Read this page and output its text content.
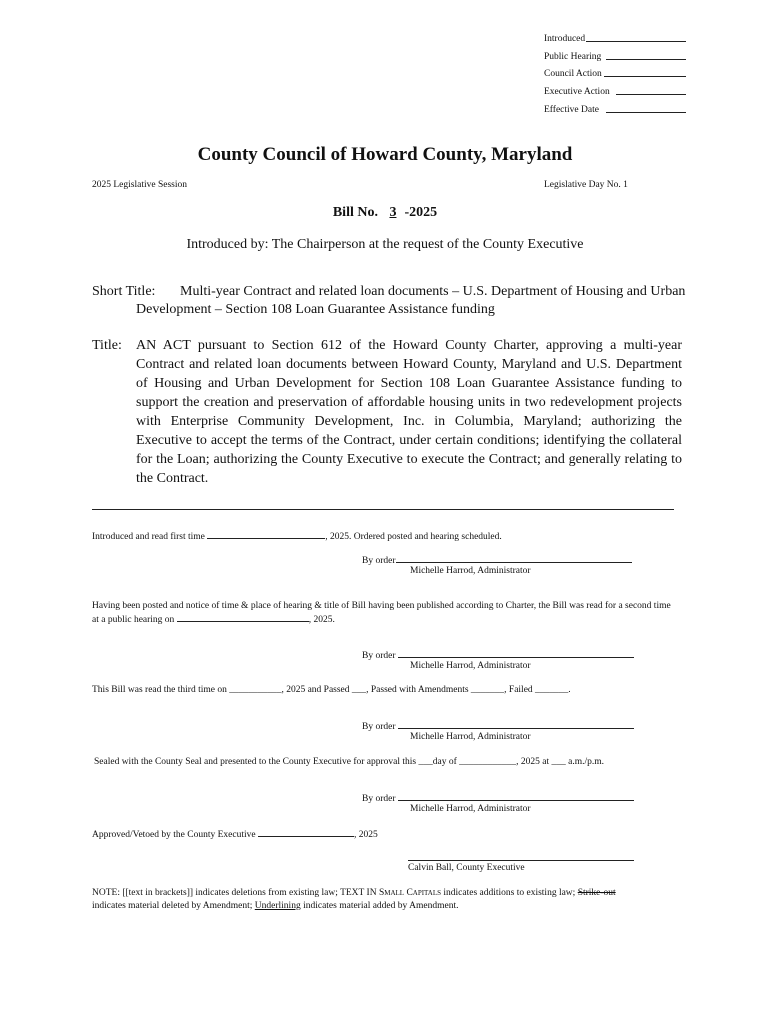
Introduced
Public Hearing
Council Action
Executive Action
Effective Date
County Council of Howard County, Maryland
2025 Legislative Session	Legislative Day No. 1
Bill No. 3 -2025
Introduced by: The Chairperson at the request of the County Executive
Short Title:	Multi-year Contract and related loan documents – U.S. Department of Housing and Urban Development – Section 108 Loan Guarantee Assistance funding
Title: AN ACT pursuant to Section 612 of the Howard County Charter, approving a multi-year Contract and related loan documents between Howard County, Maryland and U.S. Department of Housing and Urban Development for Section 108 Loan Guarantee Assistance funding to support the creation and preservation of affordable housing units in two redevelopment projects with Enterprise Community Development, Inc. in Columbia, Maryland; authorizing the Executive to accept the terms of the Contract, under certain conditions; identifying the collateral for the Loan; authorizing the County Executive to execute the Contract; and generally relating to the Contract.
Introduced and read first time	, 2025. Ordered posted and hearing scheduled.
By order
Michelle Harrod, Administrator
Having been posted and notice of time & place of hearing & title of Bill having been published according to Charter, the Bill was read for a second time at a public hearing on	, 2025.
By order
Michelle Harrod, Administrator
This Bill was read the third time on ___________, 2025 and Passed ___, Passed with Amendments _______, Failed _______.
By order
Michelle Harrod, Administrator
Sealed with the County Seal and presented to the County Executive for approval this ___day of ____________, 2025 at ___ a.m./p.m.
By order
Michelle Harrod, Administrator
Approved/Vetoed by the County Executive	, 2025
Calvin Ball, County Executive
NOTE: [[text in brackets]] indicates deletions from existing law; TEXT IN Small Capitals indicates additions to existing law; Strike-out
indicates material deleted by Amendment; Underlining indicates material added by Amendment.
